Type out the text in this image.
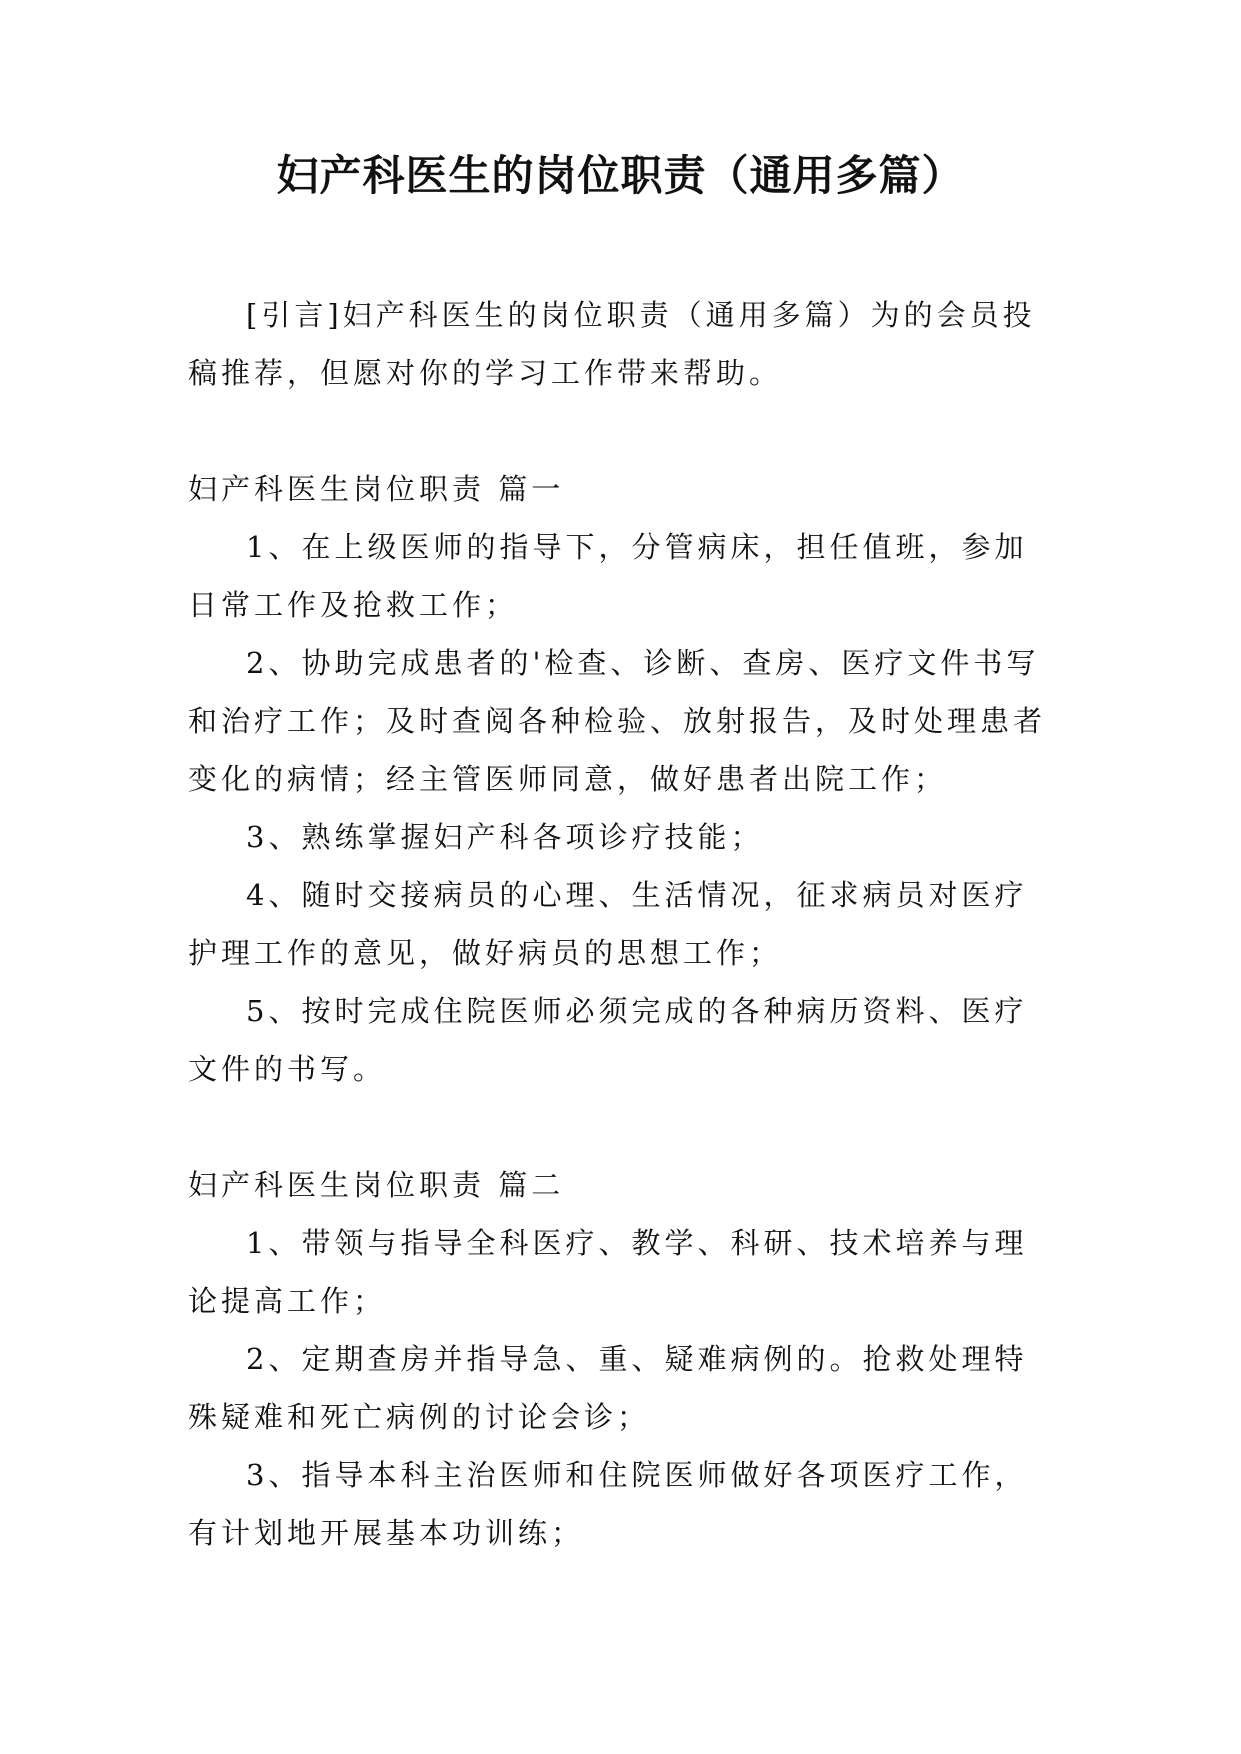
妇产科医生的岗位职责（通用多篇）

[引言]妇产科医生的岗位职责（通用多篇）为的会员投稿推荐，但愿对你的学习工作带来帮助。

妇产科医生岗位职责 篇一

1、在上级医师的指导下，分管病床，担任值班，参加日常工作及抢救工作；

2、协助完成患者的'检查、诊断、查房、医疗文件书写和治疗工作；及时查阅各种检验、放射报告，及时处理患者变化的病情；经主管医师同意，做好患者出院工作；

3、熟练掌握妇产科各项诊疗技能；

4、随时交接病员的心理、生活情况，征求病员对医疗护理工作的意见，做好病员的思想工作；

5、按时完成住院医师必须完成的各种病历资料、医疗文件的书写。

妇产科医生岗位职责 篇二

1、带领与指导全科医疗、教学、科研、技术培养与理论提高工作；

2、定期查房并指导急、重、疑难病例的。抢救处理特殊疑难和死亡病例的讨论会诊；

3、指导本科主治医师和住院医师做好各项医疗工作，有计划地开展基本功训练；
